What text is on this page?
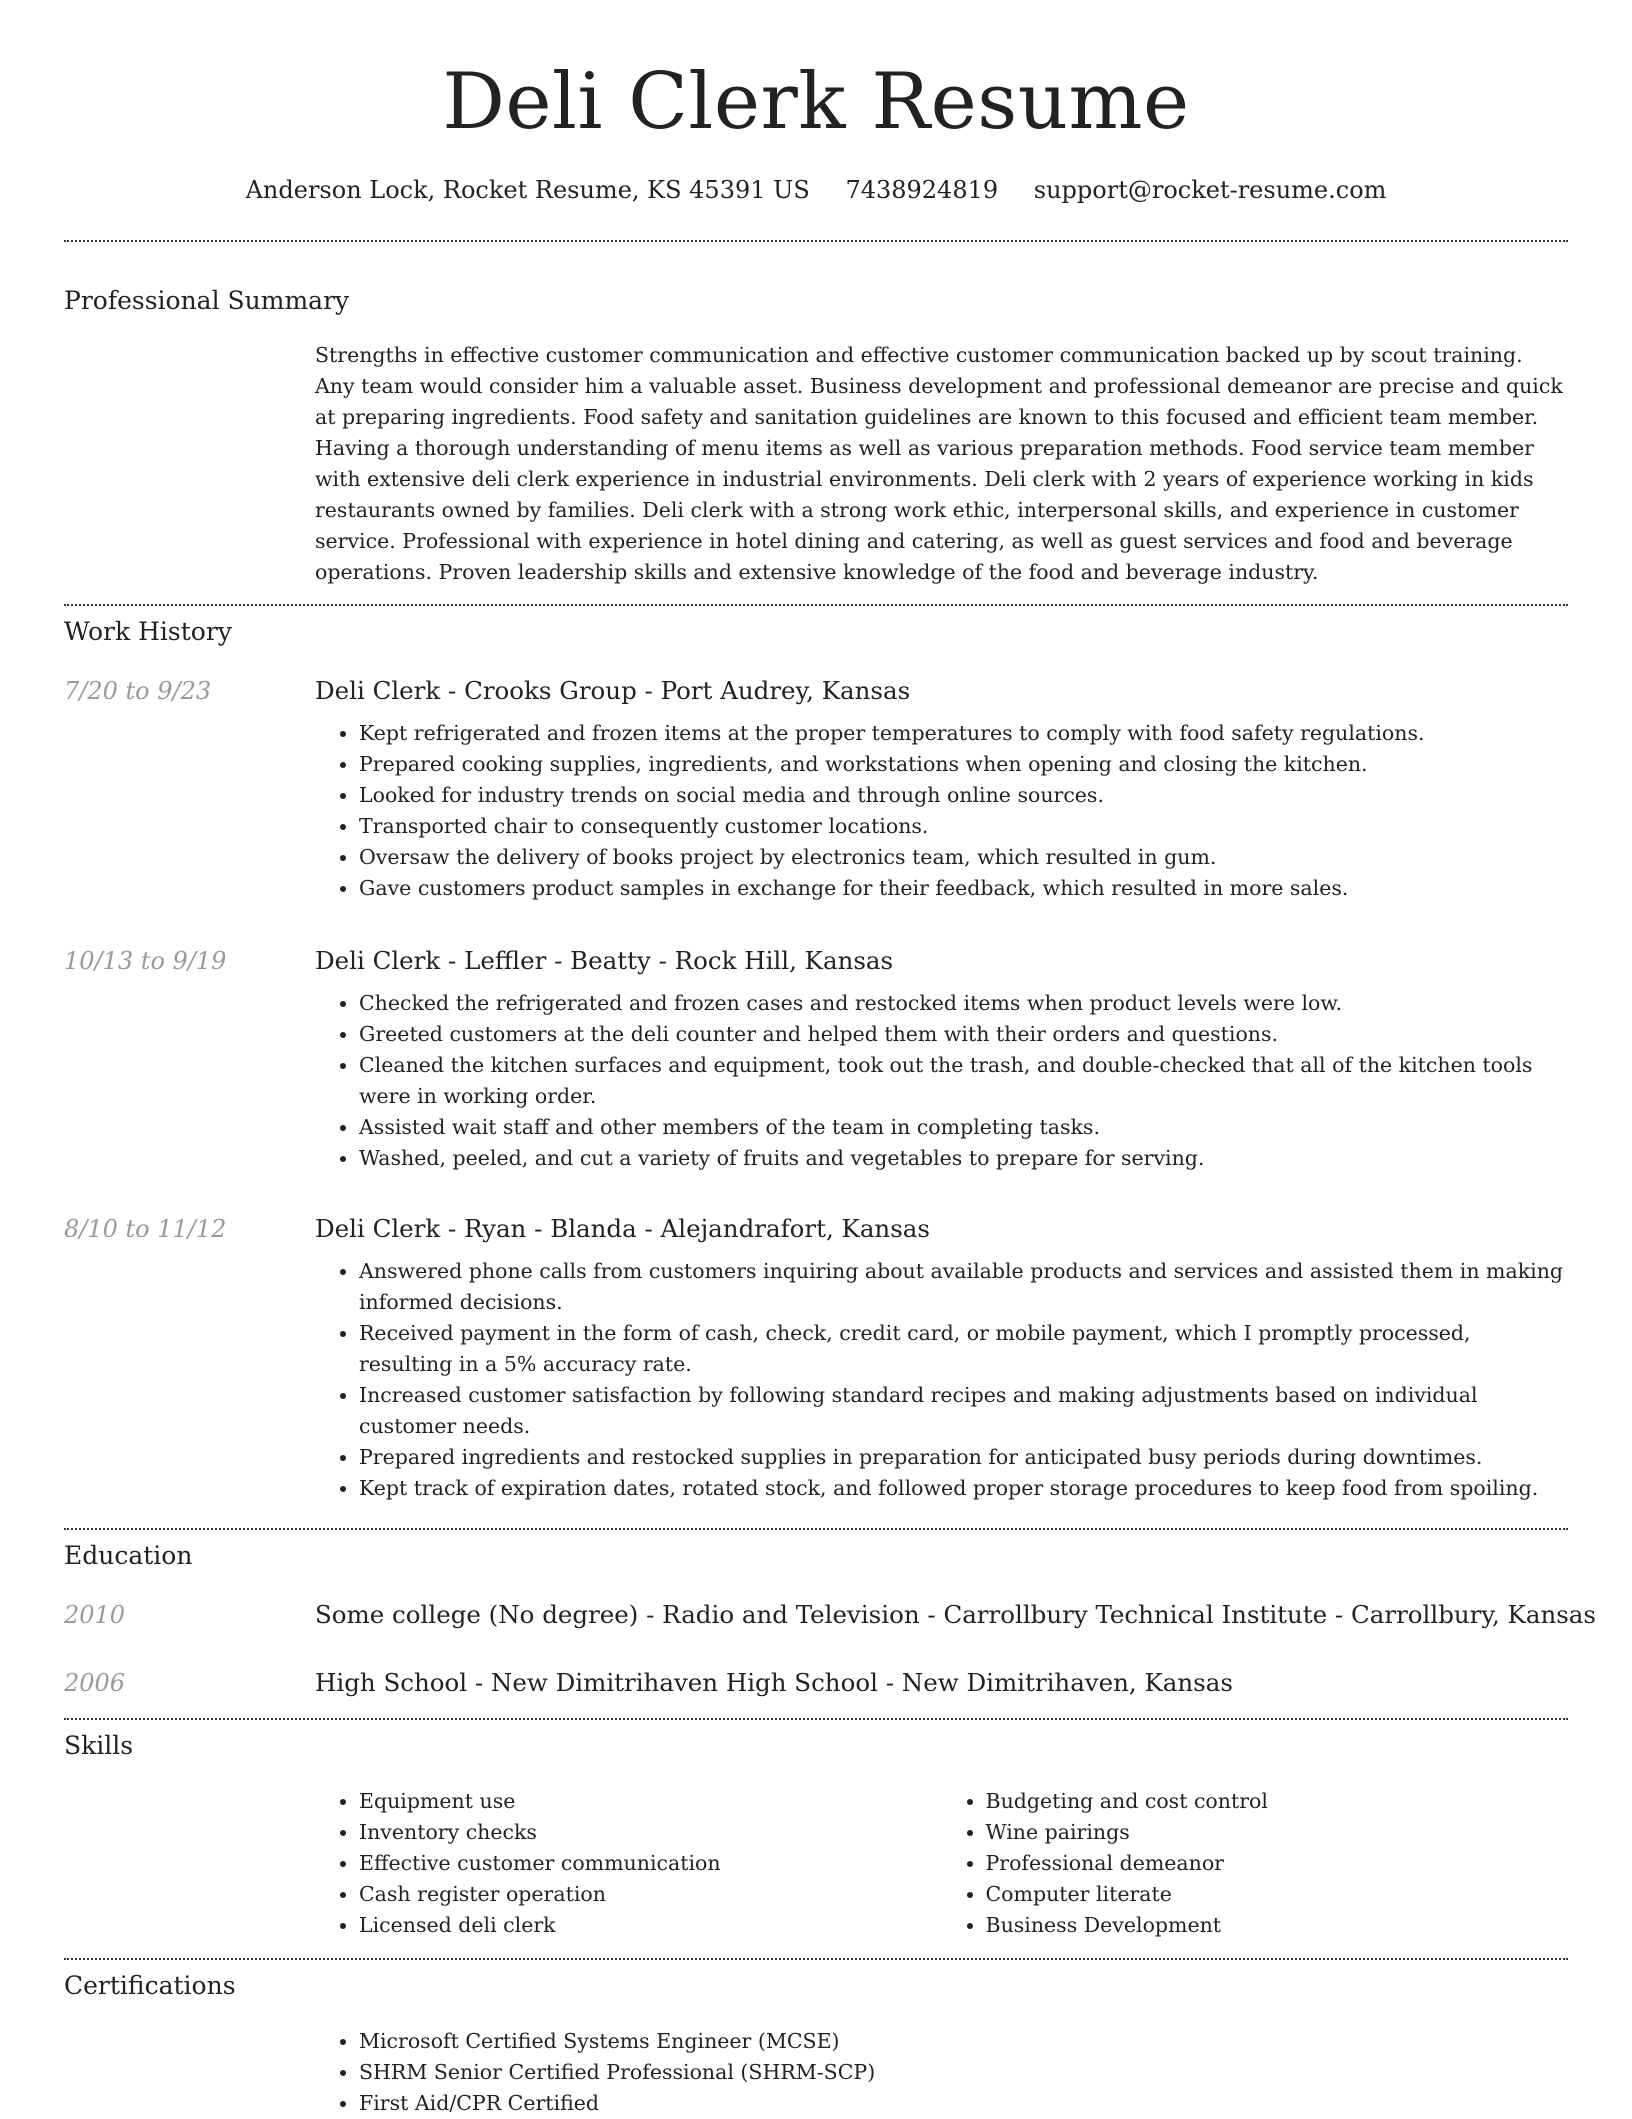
Deli Clerk Resume
Anderson Lock, Rocket Resume, KS 45391 US 7438924819 support@rocket-resume.com
Professional Summary

Strengths in effective customer communication and effective customer communication backed up by scout training. Any team would consider him a valuable asset. Business development and professional demeanor are precise and quick at preparing ingredients. Food safety and sanitation guidelines are known to this focused and efficient team member. Having a thorough understanding of menu items as well as various preparation methods. Food service team member with extensive deli clerk experience in industrial environments. Deli clerk with 2 years of experience working in kids restaurants owned by families. Deli clerk with a strong work ethic, interpersonal skills, and experience in customer service. Professional with experience in hotel dining and catering, as well as guest services and food and beverage operations. Proven leadership skills and extensive knowledge of the food and beverage industry.

Work History
7/20 to 9/23	Deli Clerk - Crooks Group - Port Audrey, Kansas

• Kept refrigerated and frozen items at the proper temperatures to comply with food safety regulations.
• Prepared cooking supplies, ingredients, and workstations when opening and closing the kitchen.
• Looked for industry trends on social media and through online sources.
• Transported chair to consequently customer locations.
• Oversaw the delivery of books project by electronics team, which resulted in gum.
• Gave customers product samples in exchange for their feedback, which resulted in more sales.
10/13 to 9/19	Deli Clerk - Leffler - Beatty - Rock Hill, Kansas

• Checked the refrigerated and frozen cases and restocked items when product levels were low.
• Greeted customers at the deli counter and helped them with their orders and questions.
• Cleaned the kitchen surfaces and equipment, took out the trash, and double-checked that all of the kitchen tools were in working order.
• Assisted wait staff and other members of the team in completing tasks.
• Washed, peeled, and cut a variety of fruits and vegetables to prepare for serving.
8/10 to 11/12	Deli Clerk - Ryan - Blanda - Alejandrafort, Kansas

• Answered phone calls from customers inquiring about available products and services and assisted them in making informed decisions.
• Received payment in the form of cash, check, credit card, or mobile payment, which I promptly processed, resulting in a 5% accuracy rate.
• Increased customer satisfaction by following standard recipes and making adjustments based on individual customer needs.
• Prepared ingredients and restocked supplies in preparation for anticipated busy periods during downtimes.
• Kept track of expiration dates, rotated stock, and followed proper storage procedures to keep food from spoiling.
Education
2010	Some college (No degree) - Radio and Television - Carrollbury Technical Institute - Carrollbury, Kansas

2006	High School - New Dimitrihaven High School - New Dimitrihaven, Kansas

Skills
• Equipment use
• Inventory checks
• Effective customer communication
• Cash register operation
• Licensed deli clerk
• Budgeting and cost control
• Wine pairings
• Professional demeanor
• Computer literate
• Business Development
Certifications
• Microsoft Certified Systems Engineer (MCSE)
• SHRM Senior Certified Professional (SHRM-SCP)
• First Aid/CPR Certified
